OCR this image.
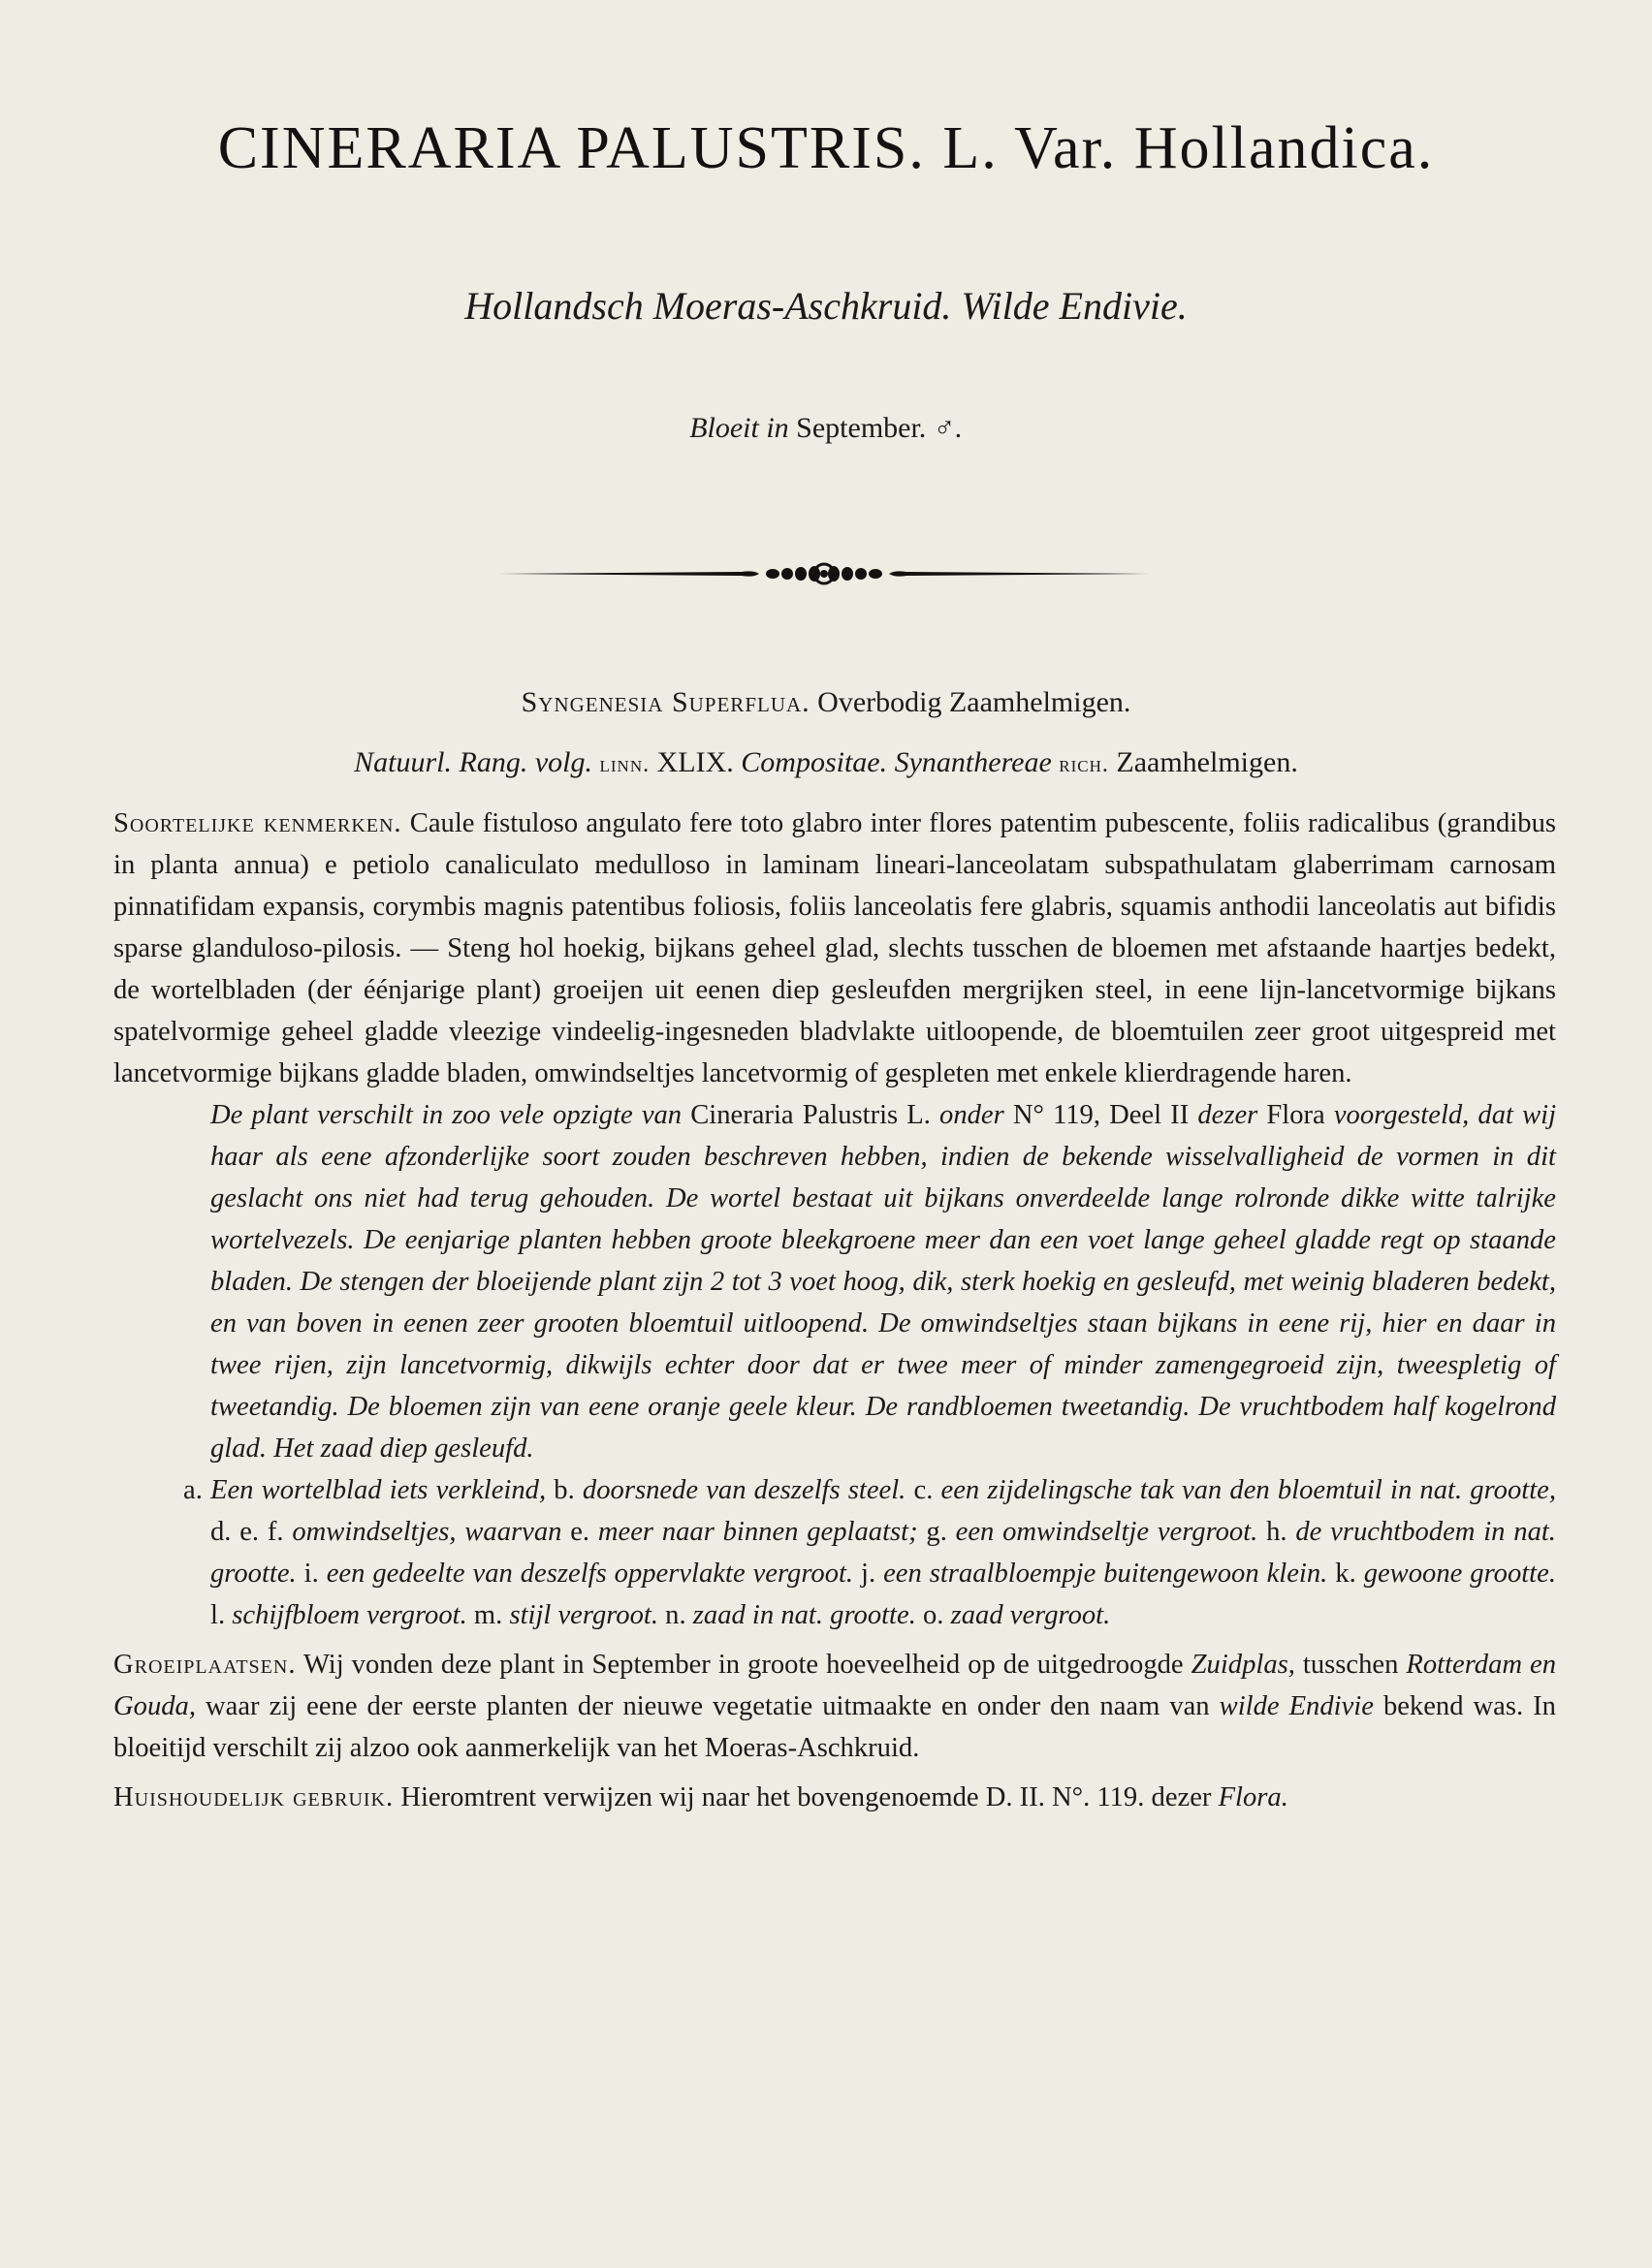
CINERARIA PALUSTRIS. L. Var. Hollandica.
Hollandsch Moeras-Aschkruid. Wilde Endivie.
Bloeit in September. ♂.
Syngenesia Superflua. Overbodig Zaamhelmigen.
Natuurl. Rang. volg. linn. XLIX. Compositae. Synanthereae rich. Zaamhelmigen.

Soortelijke kenmerken. Caule fistuloso angulato fere toto glabro inter flores patentim pubescente, foliis radicalibus (grandibus in planta annua) e petiolo canaliculato medulloso in laminam lineari-lanceolatam subspathulatam glaberrimam carnosam pinnatifidam expansis, corymbis magnis patentibus foliosis, foliis lanceolatis fere glabris, squamis anthodii lanceolatis aut bifidis sparse glanduloso-pilosis. — Steng hol hoekig, bijkans geheel glad, slechts tusschen de bloemen met afstaande haartjes bedekt, de wortelbladen (der éénjarige plant) groeijen uit eenen diep gesleufden mergrijken steel, in eene lijn-lancetvormige bijkans spatelvormige geheel gladde vleezige vindeelig-ingesneden bladvlakte uitloopende, de bloemtuilen zeer groot uitgespreid met lancetvormige bijkans gladde bladen, omwindseltjes lancetvormig of gespleten met enkele klierdragende haren.

De plant verschilt in zoo vele opzigte van Cineraria Palustris L. onder N° 119, Deel II dezer Flora voorgesteld, dat wij haar als eene afzonderlijke soort zouden beschreven hebben, indien de bekende wisselvalligheid de vormen in dit geslacht ons niet had terug gehouden. De wortel bestaat uit bijkans onverdeelde lange rolronde dikke witte talrijke wortelvezels. De eenjarige planten hebben groote bleekgroene meer dan een voet lange geheel gladde regt op staande bladen. De stengen der bloeijende plant zijn 2 tot 3 voet hoog, dik, sterk hoekig en gesleufd, met weinig bladeren bedekt, en van boven in eenen zeer grooten bloemtuil uitloopend. De omwindseltjes staan bijkans in eene rij, hier en daar in twee rijen, zijn lancetvormig, dikwijls echter door dat er twee meer of minder zamengegroeid zijn, tweespletig of tweetandig. De bloemen zijn van eene oranje geele kleur. De randbloemen tweetandig. De vruchtbodem half kogelrond glad. Het zaad diep gesleufd.

a. Een wortelblad iets verkleind, b. doorsnede van deszelfs steel. c. een zijdelingsche tak van den bloemtuil in nat. grootte, d. e. f. omwindseltjes, waarvan e. meer naar binnen geplaatst; g. een omwindseltje vergroot. h. de vruchtbodem in nat. grootte. i. een gedeelte van deszelfs oppervlakte vergroot. j. een straalbloempje buitengewoon klein. k. gewoone grootte. l. schijfbloem vergroot. m. stijl vergroot. n. zaad in nat. grootte. o. zaad vergroot.

Groeiplaatsen. Wij vonden deze plant in September in groote hoeveelheid op de uitgedroogde Zuidplas, tusschen Rotterdam en Gouda, waar zij eene der eerste planten der nieuwe vegetatie uitmaakte en onder den naam van wilde Endivie bekend was. In bloeitijd verschilt zij alzoo ook aanmerkelijk van het Moeras-Aschkruid.

Huishoudelijk gebruik. Hieromtrent verwijzen wij naar het bovengenoemde D. II. N°. 119. dezer Flora.
